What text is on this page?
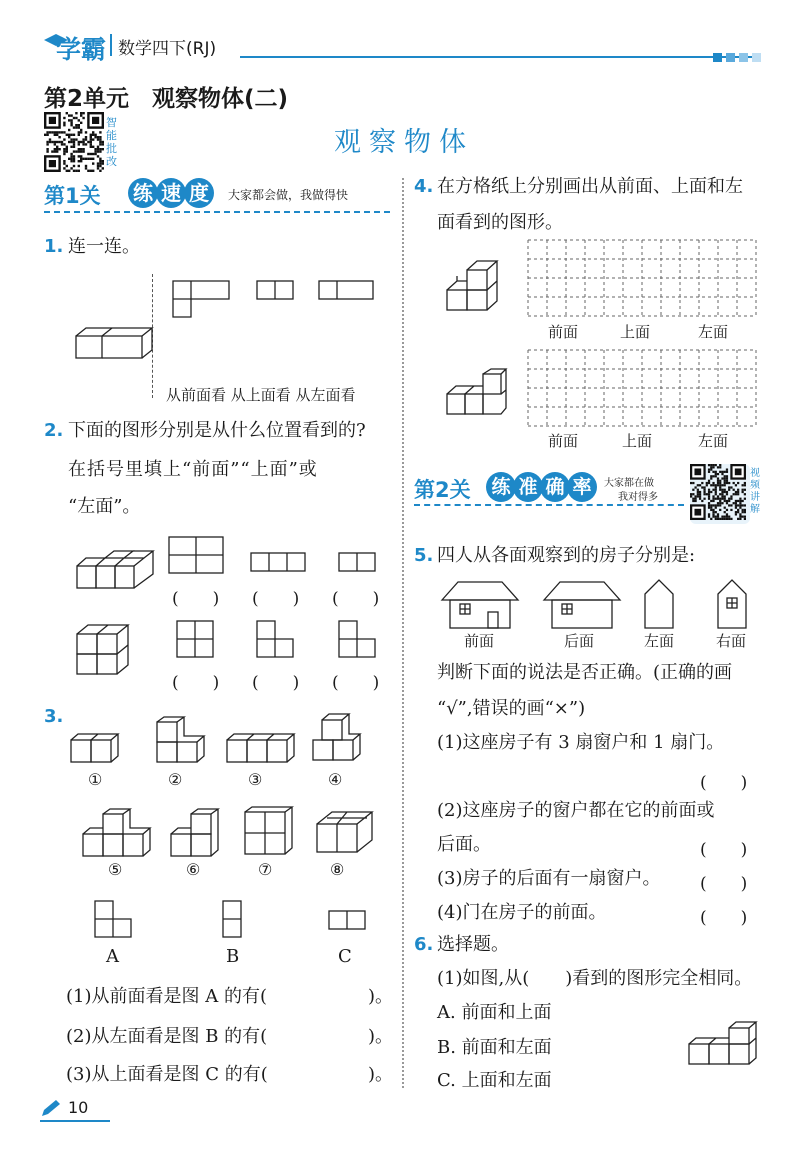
学霸 数学四下(RJ)
第2单元　观察物体(二)
智能批改
观察物体
第1关 练 速 度	大家都会做，我做得快
1. 连一连。
从前面看 从上面看 从左面看
2. 下面的图形分别是从什么位置看到的?
在括号里填上“前面”“上面”或
“左面”。
(　　) (　　) (　　)
(　　) (　　) (　　)
3.
①	②	③	④
⑤	⑥	⑦	⑧
A	B	C
(1)从前面看是图 A 的有(	)。
(2)从左面看是图 B 的有(	)。
(3)从上面看是图 C 的有(	)。
4. 在方格纸上分别画出从前面、上面和左
面看到的图形。
前面	上面	左面
前面	上面	左面
第2关 练 准 确 率	大家都在做
我对得多
视频讲解
5. 四人从各面观察到的房子分别是:
前面	后面	左面	右面
判断下面的说法是否正确。(正确的画
“√”,错误的画“×”)
(1)这座房子有 3 扇窗户和 1 扇门。
(　　)
(2)这座房子的窗户都在它的前面或
后面。	(　　)
(3)房子的后面有一扇窗户。 (　　)
(4)门在房子的前面。	(　　)
6. 选择题。
(1)如图,从(　　)看到的图形完全相同。
A. 前面和上面
B. 前面和左面
C. 上面和左面
10
